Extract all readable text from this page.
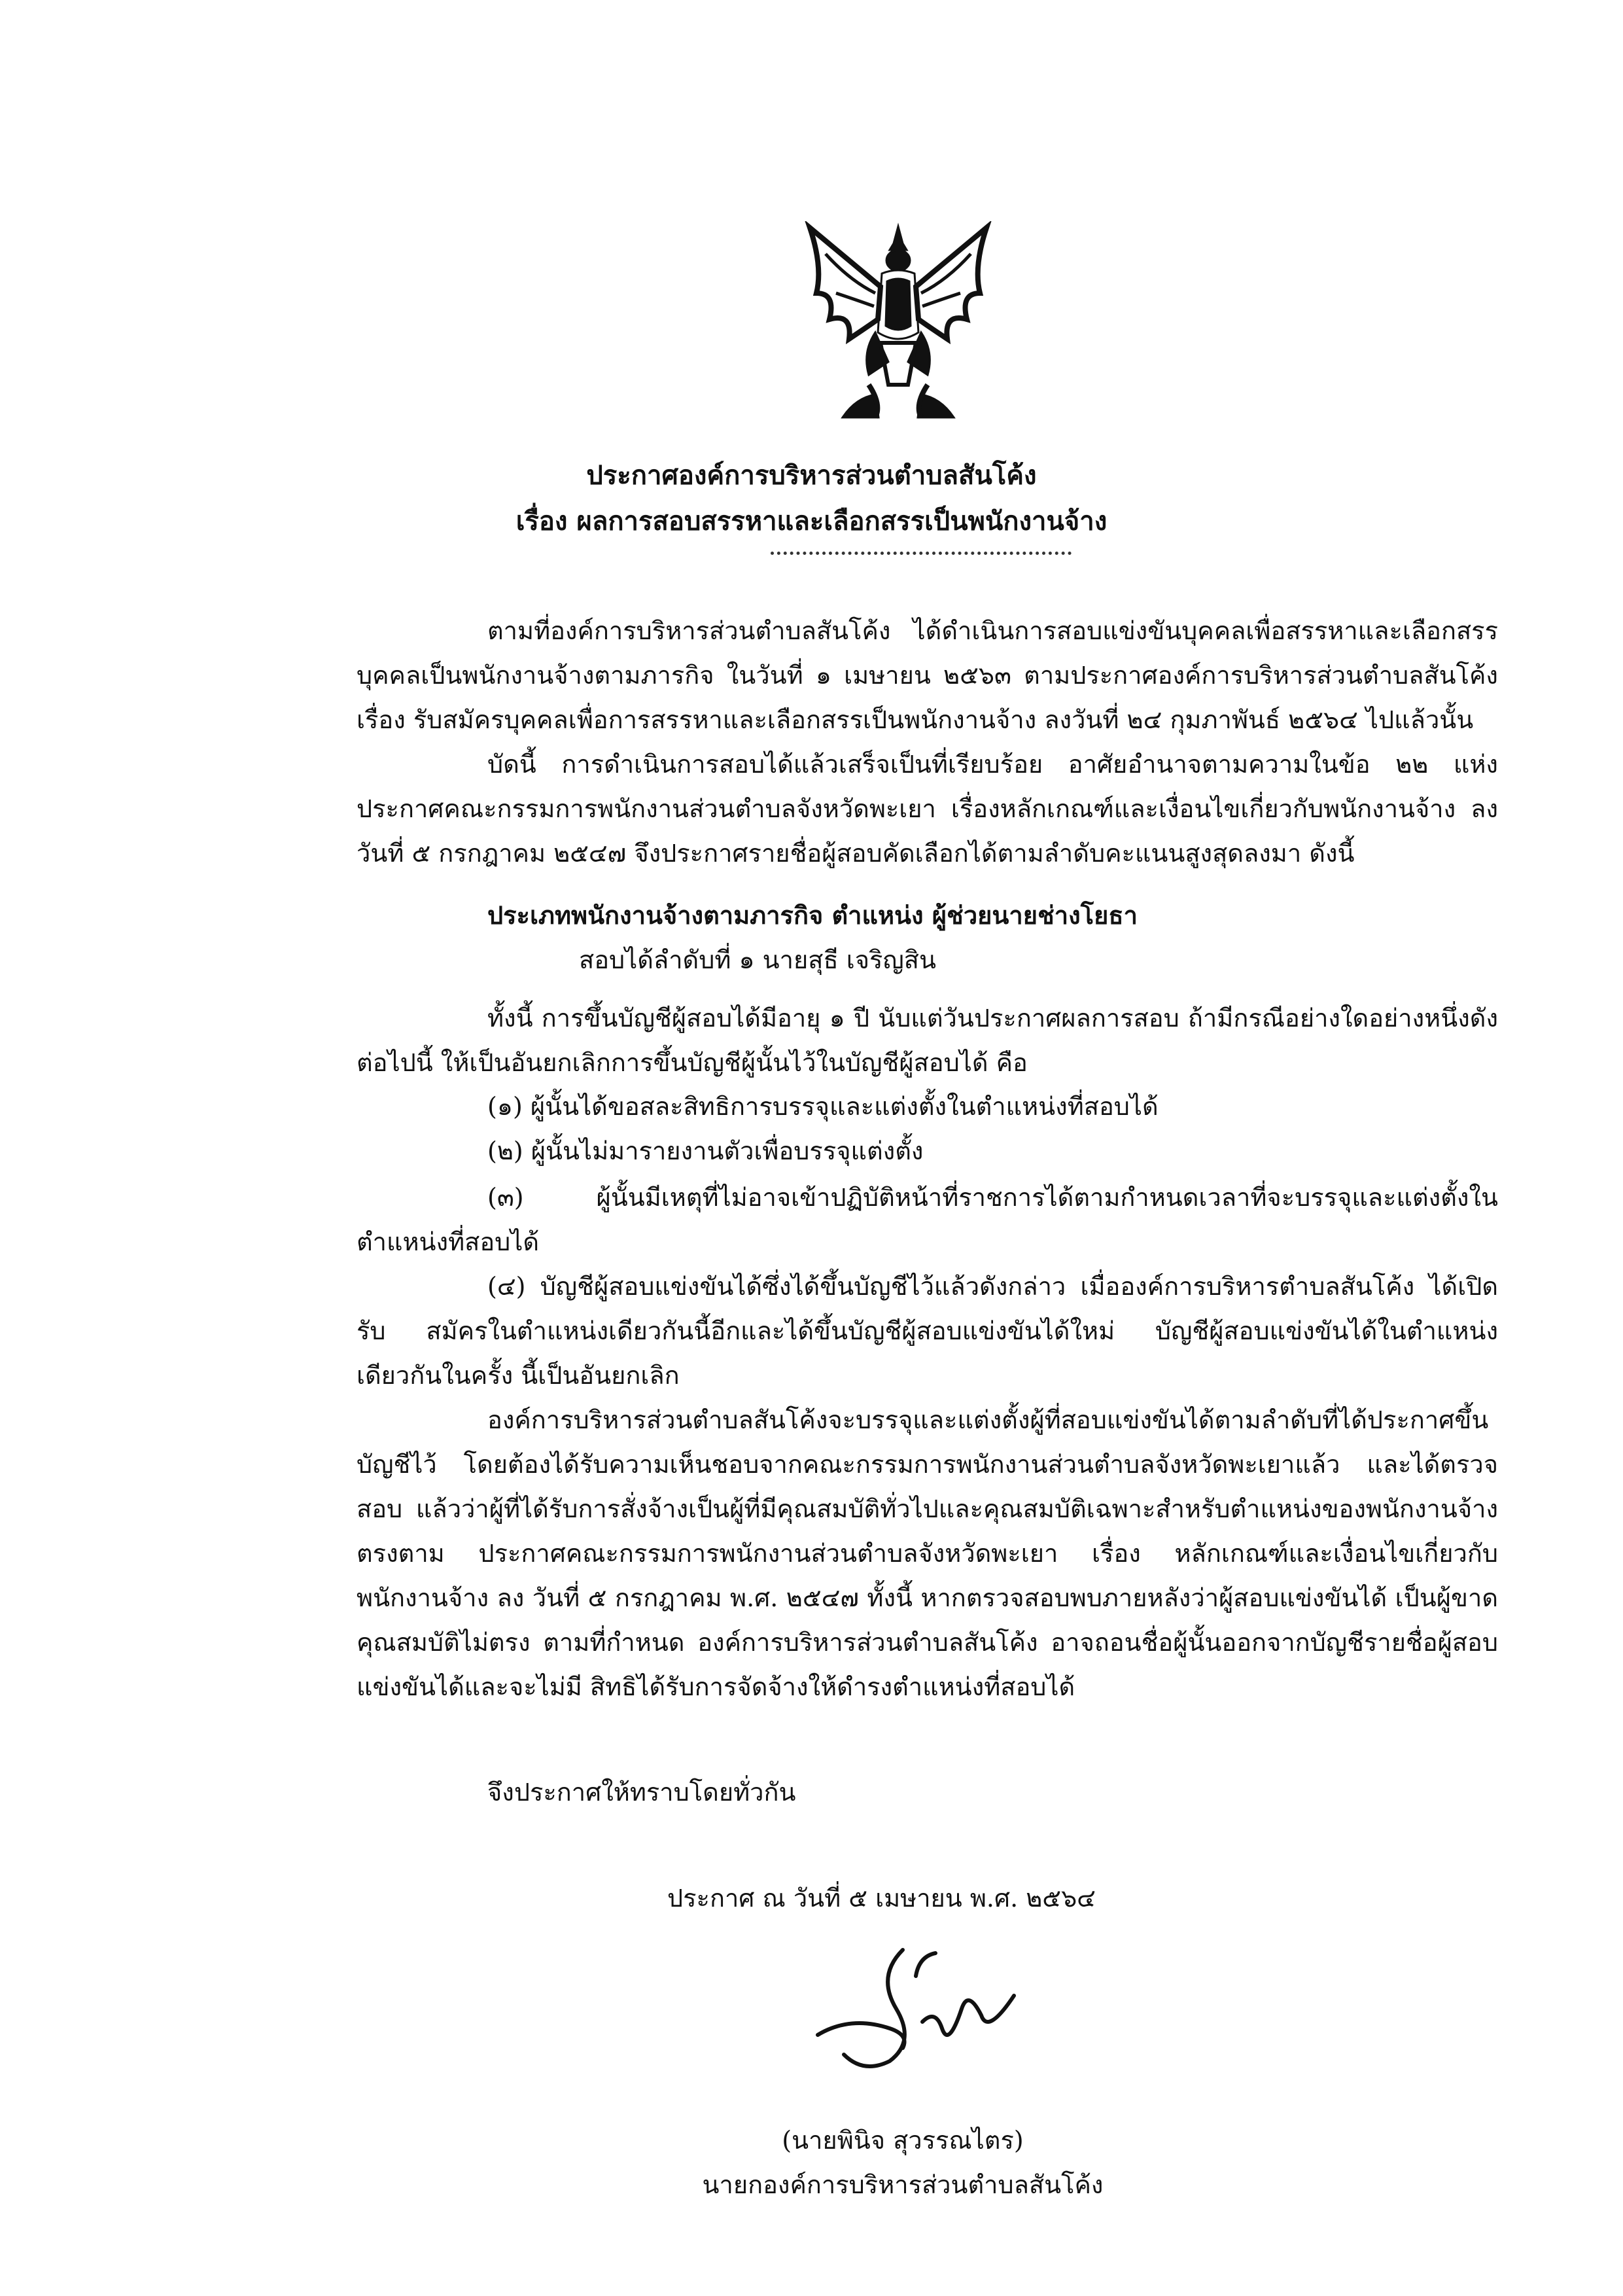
ประกาศองค์การบริหารส่วนตำบลสันโค้ง
เรื่อง ผลการสอบสรรหาและเลือกสรรเป็นพนักงานจ้าง

ตามที่องค์การบริหารส่วนตำบลสันโค้ง ได้ดำเนินการสอบแข่งขันบุคคลเพื่อสรรหาและเลือกสรรบุคคลเป็นพนักงานจ้างตามภารกิจ ในวันที่ ๑ เมษายน ๒๕๖๓ ตามประกาศองค์การบริหารส่วนตำบลสันโค้ง เรื่อง รับสมัครบุคคลเพื่อการสรรหาและเลือกสรรเป็นพนักงานจ้าง ลงวันที่ ๒๔ กุมภาพันธ์ ๒๕๖๔ ไปแล้วนั้น

บัดนี้ การดำเนินการสอบได้แล้วเสร็จเป็นที่เรียบร้อย อาศัยอำนาจตามความในข้อ ๒๒ แห่ง ประกาศคณะกรรมการพนักงานส่วนตำบลจังหวัดพะเยา เรื่องหลักเกณฑ์และเงื่อนไขเกี่ยวกับพนักงานจ้าง ลงวันที่ ๕ กรกฎาคม ๒๕๔๗ จึงประกาศรายชื่อผู้สอบคัดเลือกได้ตามลำดับคะแนนสูงสุดลงมา ดังนี้

ประเภทพนักงานจ้างตามภารกิจ ตำแหน่ง ผู้ช่วยนายช่างโยธา
สอบได้ลำดับที่ ๑ นายสุธี เจริญสิน

ทั้งนี้ การขึ้นบัญชีผู้สอบได้มีอายุ ๑ ปี นับแต่วันประกาศผลการสอบ ถ้ามีกรณีอย่างใดอย่างหนึ่งดังต่อไปนี้ ให้เป็นอันยกเลิกการขึ้นบัญชีผู้นั้นไว้ในบัญชีผู้สอบได้ คือ

(๑) ผู้นั้นได้ขอสละสิทธิการบรรจุและแต่งตั้งในตำแหน่งที่สอบได้
(๒) ผู้นั้นไม่มารายงานตัวเพื่อบรรจุแต่งตั้ง

(๓) ผู้นั้นมีเหตุที่ไม่อาจเข้าปฏิบัติหน้าที่ราชการได้ตามกำหนดเวลาที่จะบรรจุและแต่งตั้งใน ตำแหน่งที่สอบได้

(๔) บัญชีผู้สอบแข่งขันได้ซึ่งได้ขึ้นบัญชีไว้แล้วดังกล่าว เมื่อองค์การบริหารตำบลสันโค้ง ได้เปิดรับ สมัครในตำแหน่งเดียวกันนี้อีกและได้ขึ้นบัญชีผู้สอบแข่งขันได้ใหม่ บัญชีผู้สอบแข่งขันได้ในตำแหน่งเดียวกันในครั้ง นี้เป็นอันยกเลิก

องค์การบริหารส่วนตำบลสันโค้งจะบรรจุและแต่งตั้งผู้ที่สอบแข่งขันได้ตามลำดับที่ได้ประกาศขึ้น บัญชีไว้ โดยต้องได้รับความเห็นชอบจากคณะกรรมการพนักงานส่วนตำบลจังหวัดพะเยาแล้ว และได้ตรวจสอบ แล้วว่าผู้ที่ได้รับการสั่งจ้างเป็นผู้ที่มีคุณสมบัติทั่วไปและคุณสมบัติเฉพาะสำหรับตำแหน่งของพนักงานจ้าง ตรงตาม ประกาศคณะกรรมการพนักงานส่วนตำบลจังหวัดพะเยา เรื่อง หลักเกณฑ์และเงื่อนไขเกี่ยวกับพนักงานจ้าง ลง วันที่ ๕ กรกฎาคม พ.ศ. ๒๕๔๗ ทั้งนี้ หากตรวจสอบพบภายหลังว่าผู้สอบแข่งขันได้ เป็นผู้ขาดคุณสมบัติไม่ตรง ตามที่กำหนด องค์การบริหารส่วนตำบลสันโค้ง อาจถอนชื่อผู้นั้นออกจากบัญชีรายชื่อผู้สอบแข่งขันได้และจะไม่มี สิทธิได้รับการจัดจ้างให้ดำรงตำแหน่งที่สอบได้

จึงประกาศให้ทราบโดยทั่วกัน
ประกาศ ณ วันที่ ๕ เมษายน พ.ศ. ๒๕๖๔
(นายพินิจ สุวรรณไตร)
นายกองค์การบริหารส่วนตำบลสันโค้ง
